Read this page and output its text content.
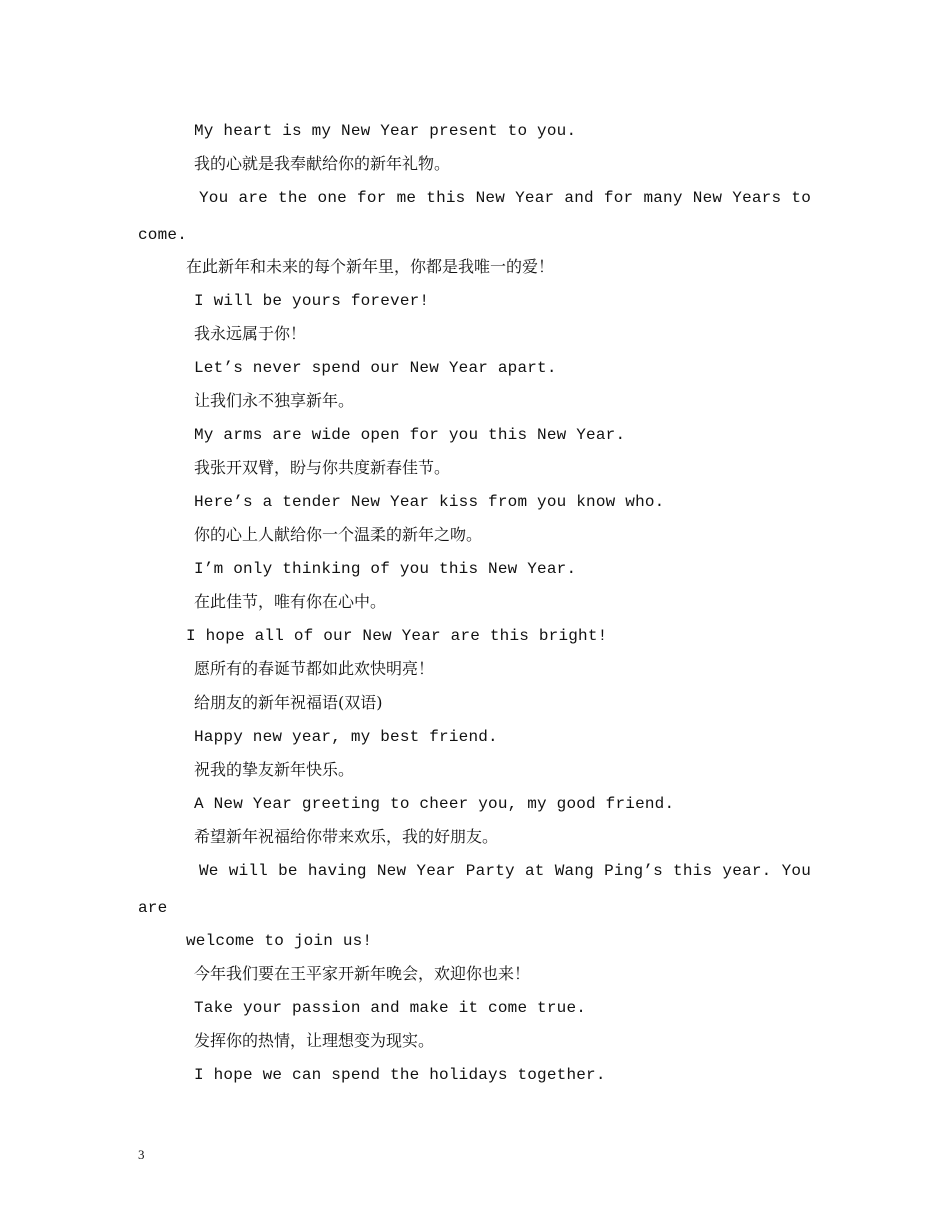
My heart is my New Year present to you.
我的心就是我奉献给你的新年礼物。
You are the one for me this New Year and for many New Years to
come.
在此新年和未来的每个新年里，你都是我唯一的爱！
I will be yours forever!
我永远属于你！
Let’s never spend our New Year apart.
让我们永不独享新年。
My arms are wide open for you this New Year.
我张开双臂，盼与你共度新春佳节。
Here’s a tender New Year kiss from you know who.
你的心上人献给你一个温柔的新年之吻。
I’m only thinking of you this New Year.
在此佳节，唯有你在心中。
I hope all of our New Year are this bright!
愿所有的春诞节都如此欢快明亮！
给朋友的新年祝福语(双语)
Happy new year, my best friend.
祝我的挚友新年快乐。
A New Year greeting to cheer you, my good friend.
希望新年祝福给你带来欢乐，我的好朋友。
We will be having New Year Party at Wang Ping’s this year. You
are
welcome to join us!
今年我们要在王平家开新年晚会，欢迎你也来！
Take your passion and make it come true.
发挥你的热情，让理想变为现实。
I hope we can spend the holidays together.
3
